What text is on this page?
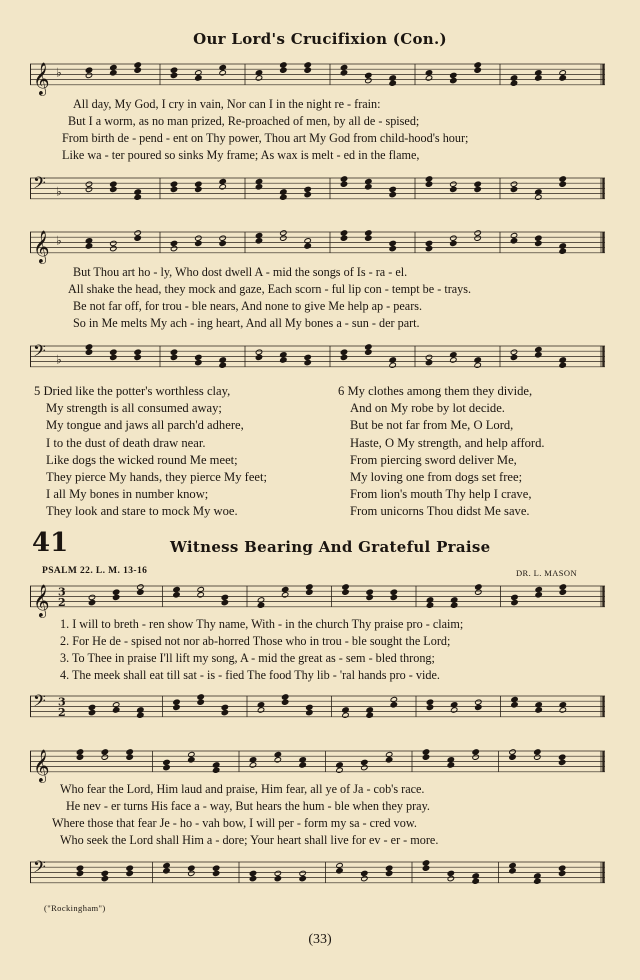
Our Lord's Crucifixion (Con.)
𝄞 ♭
All day, My God, I cry in vain, Nor can I in the night re - frain:
But I a worm, as no man prized, Re-proached of men, by all de - spised;
From birth de - pend - ent on Thy power, Thou art My God from child-hood's hour;
Like wa - ter poured so sinks My frame; As wax is melt - ed in the flame,
𝄢 ♭
𝄞 ♭
But Thou art ho - ly, Who dost dwell A - mid the songs of Is - ra - el.
All shake the head, they mock and gaze, Each scorn - ful lip con - tempt be - trays.
Be not far off, for trou - ble nears, And none to give Me help ap - pears.
So in Me melts My ach - ing heart, And all My bones a - sun - der part.
𝄢 ♭
5 Dried like the potter's worthless clay,
My strength is all consumed away;
My tongue and jaws all parch'd adhere,
I to the dust of death draw near.
Like dogs the wicked round Me meet;
They pierce My hands, they pierce My feet;
I all My bones in number know;
They look and stare to mock My woe.
6 My clothes among them they divide,
And on My robe by lot decide.
But be not far from Me, O Lord,
Haste, O My strength, and help afford.
From piercing sword deliver Me,
My loving one from dogs set free;
From lion's mouth Thy help I crave,
From unicorns Thou didst Me save.
41	Witness Bearing And Grateful Praise
PSALM 22. L. M. 13-16	DR. L. MASON
𝄞 3
2
1. I will to breth - ren show Thy name, With - in the church Thy praise pro - claim;
2. For He de - spised not nor ab-horred Those who in trou - ble sought the Lord;
3. To Thee in praise I'll lift my song, A - mid the great as - sem - bled throng;
4. The meek shall eat till sat - is - fied The food Thy lib - 'ral hands pro - vide.
𝄢 3
2
𝄞
Who fear the Lord, Him laud and praise, Him fear, all ye of Ja - cob's race.
He nev - er turns His face a - way, But hears the hum - ble when they pray.
Where those that fear Je - ho - vah bow, I will per - form my sa - cred vow.
Who seek the Lord shall Him a - dore; Your heart shall live for ev - er - more.
𝄢
("Rockingham")
(33)
